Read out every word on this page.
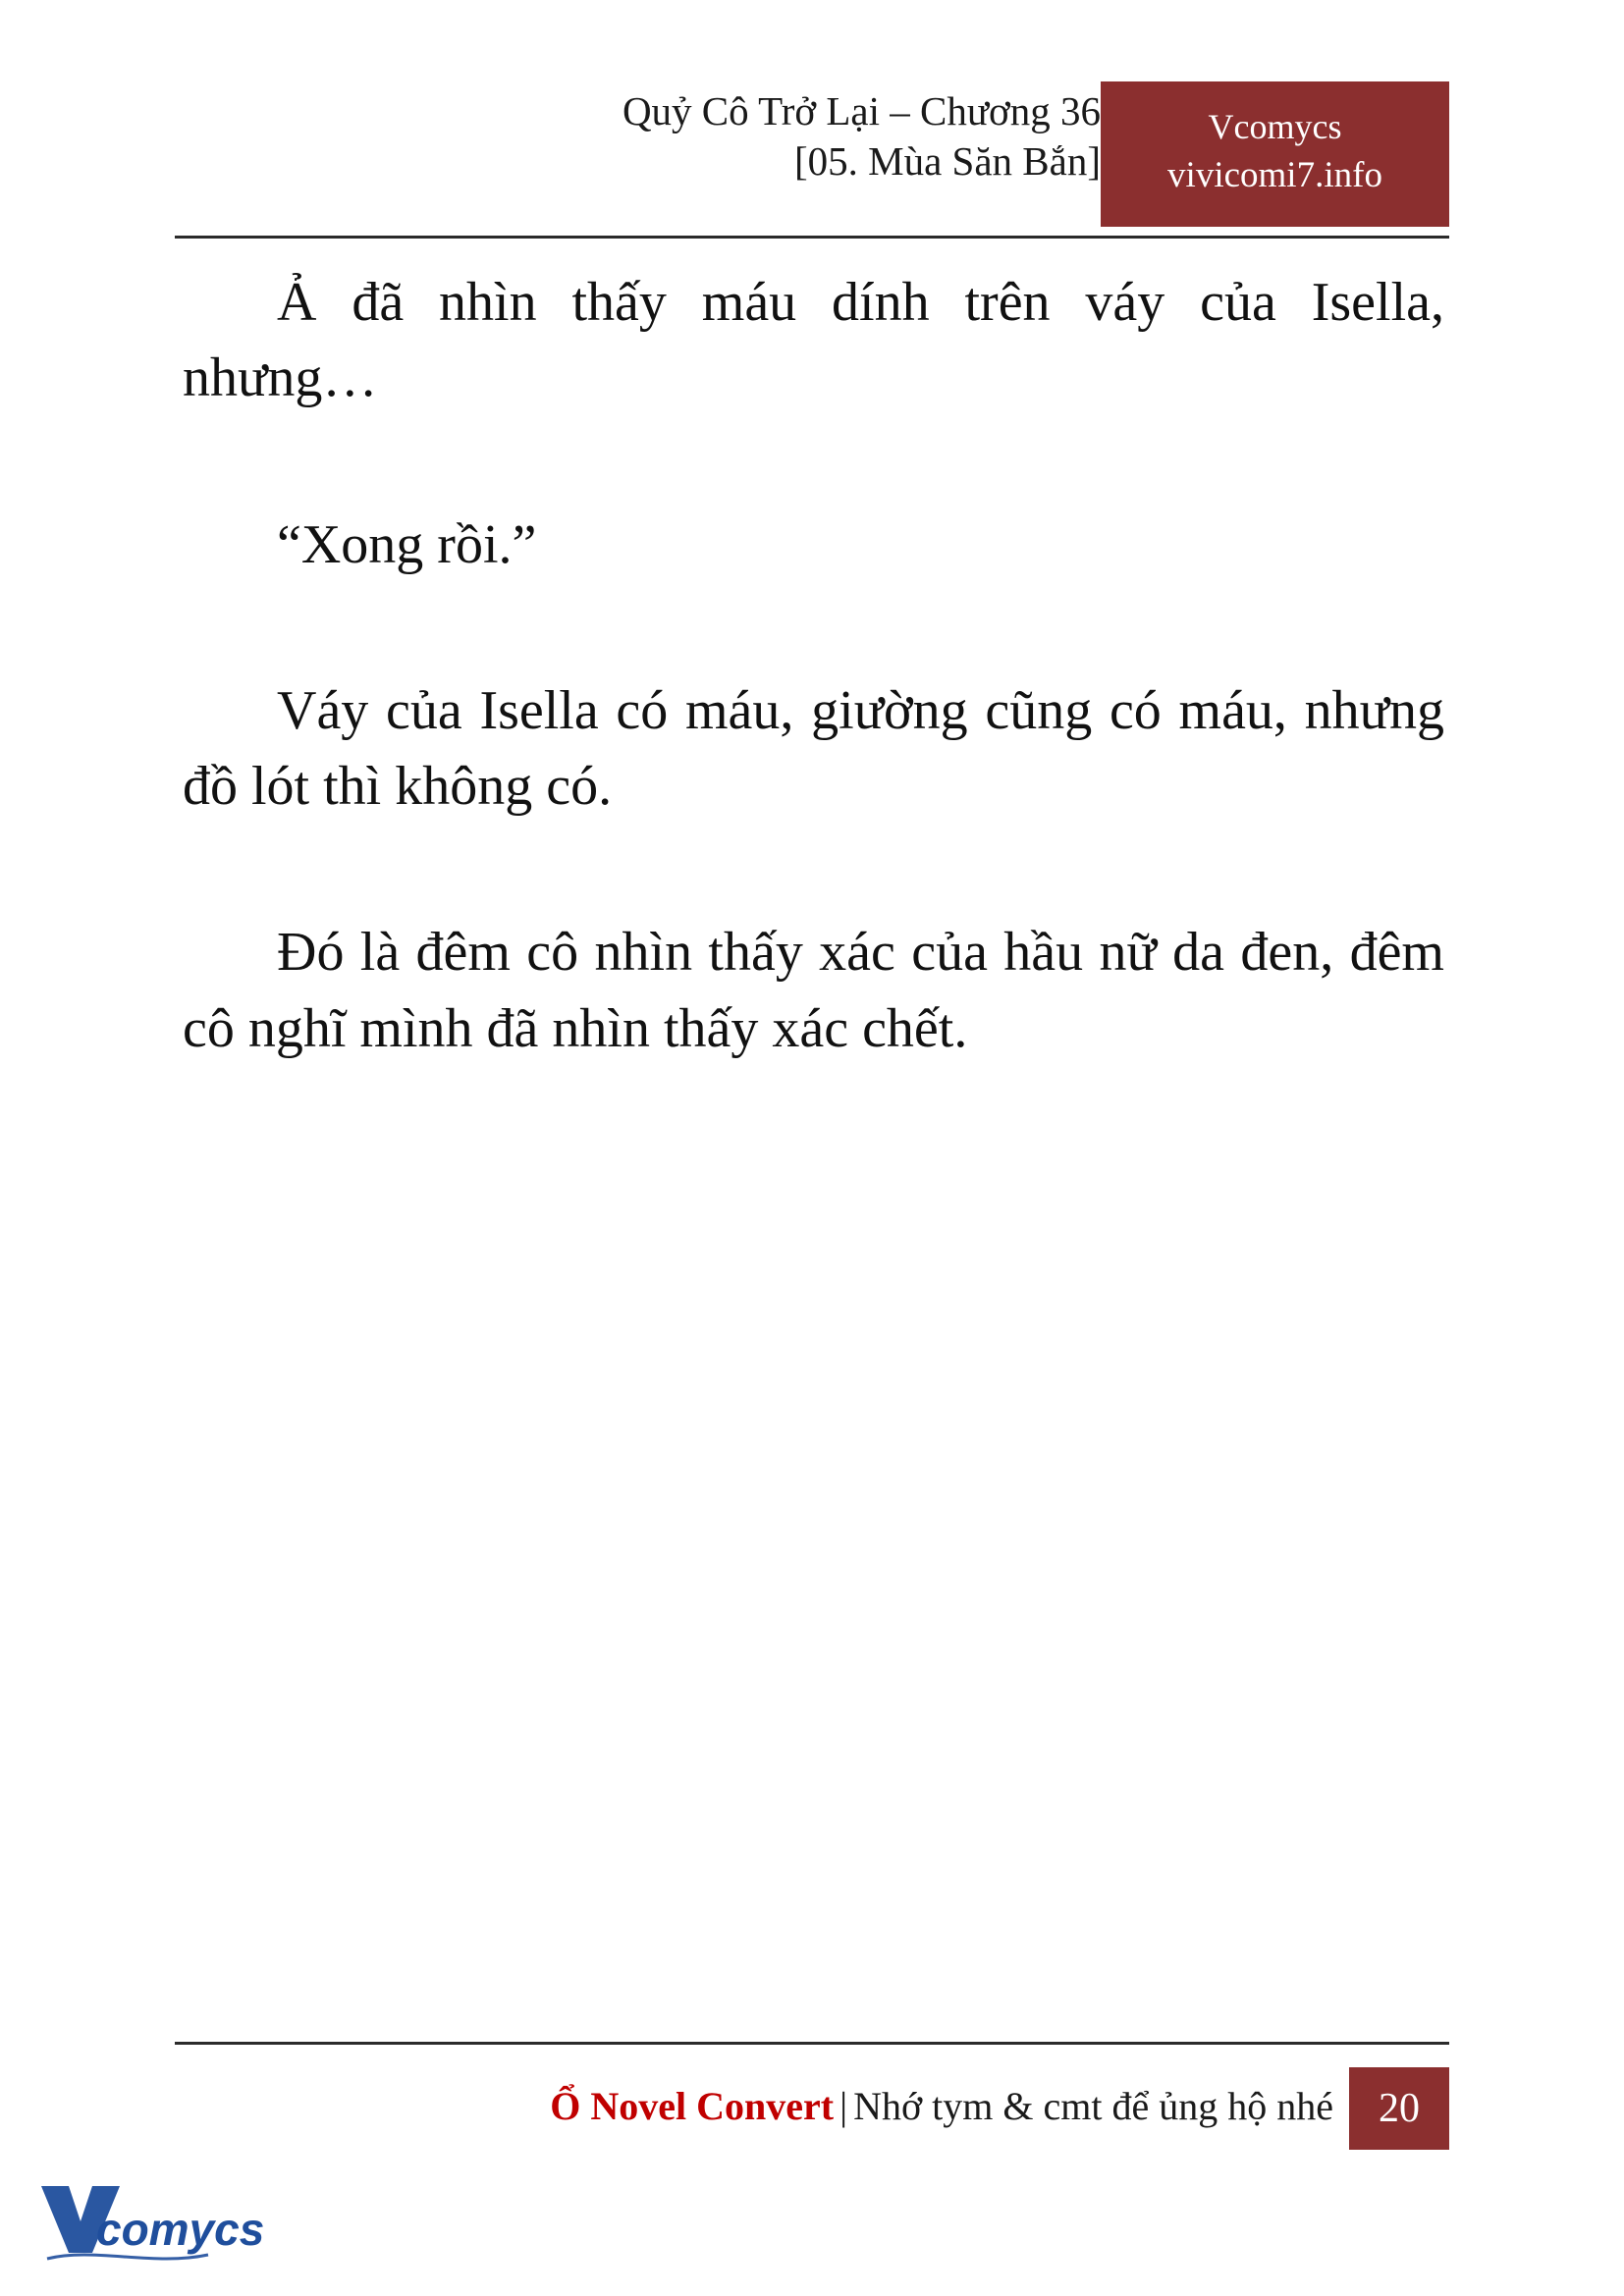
Quỷ Cô Trở Lại – Chương 36
[05. Mùa Săn Bắn]
Vcomycs
vivicomi7.info

Ả đã nhìn thấy máu dính trên váy của Isella, nhưng…

“Xong rồi.”

Váy của Isella có máu, giường cũng có máu, nhưng đồ lót thì không có.

Đó là đêm cô nhìn thấy xác của hầu nữ da đen, đêm cô nghĩ mình đã nhìn thấy xác chết.

Ổ Novel Convert | Nhớ tym & cmt để ủng hộ nhé	20
comycs
